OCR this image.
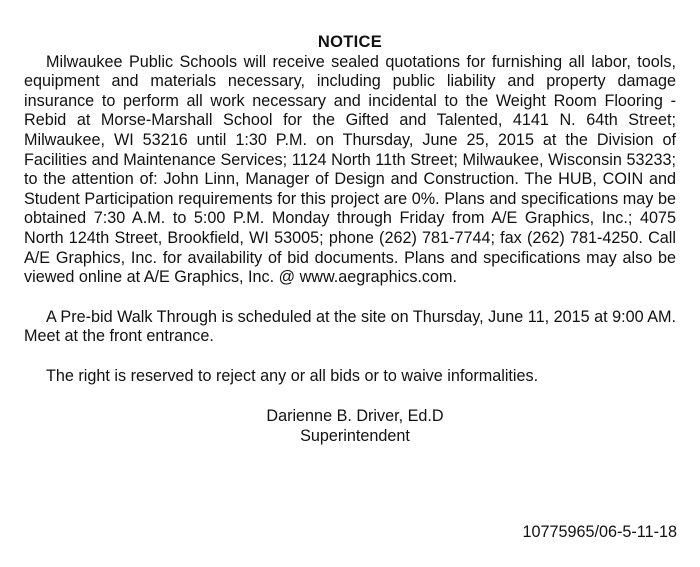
NOTICE

Milwaukee Public Schools will receive sealed quotations for furnishing all labor, tools, equipment and materials necessary, including public liability and property damage insurance to perform all work necessary and incidental to the Weight Room Flooring - Rebid at Morse-Marshall School for the Gifted and Talented, 4141 N. 64th Street; Milwaukee, WI 53216 until 1:30 P.M. on Thursday, June 25, 2015 at the Division of Facilities and Maintenance Services; 1124 North 11th Street; Milwaukee, Wisconsin 53233; to the attention of: John Linn, Manager of Design and Construction. The HUB, COIN and Student Participation requirements for this project are 0%. Plans and specifications may be obtained 7:30 A.M. to 5:00 P.M. Monday through Friday from A/E Graphics, Inc.; 4075 North 124th Street, Brookfield, WI 53005; phone (262) 781-7744; fax (262) 781-4250. Call A/E Graphics, Inc. for availability of bid documents. Plans and specifications may also be viewed online at A/E Graphics, Inc. @ www.aegraphics.com.

A Pre-bid Walk Through is scheduled at the site on Thursday, June 11, 2015 at 9:00 AM. Meet at the front entrance.

The right is reserved to reject any or all bids or to waive informalities.

Darienne B. Driver, Ed.D
Superintendent
10775965/06-5-11-18
